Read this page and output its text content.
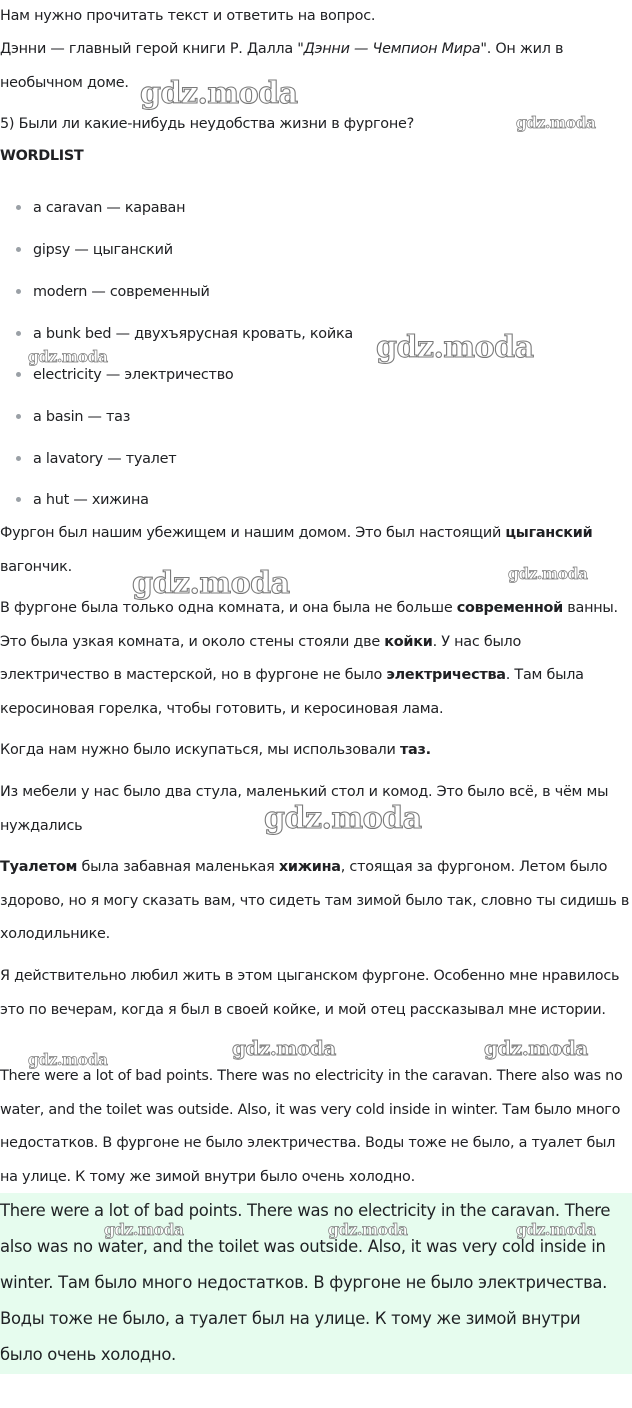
Нам нужно прочитать текст и ответить на вопрос.

Дэнни — главный герой книги Р. Далла "Дэнни — Чемпион Мира". Он жил в необычном доме.

5) Были ли какие-нибудь неудобства жизни в фургоне?

WORDLIST
a caravan — караван
gipsy — цыганский
modern — современный
a bunk bed — двухъярусная кровать, койка
electricity — электричество
a basin — таз
a lavatory — туалет
a hut — хижина

Фургон был нашим убежищем и нашим домом. Это был настоящий цыганский вагончик.

В фургоне была только одна комната, и она была не больше современной ванны. Это была узкая комната, и около стены стояли две койки. У нас было электричество в мастерской, но в фургоне не было электричества. Там была керосиновая горелка, чтобы готовить, и керосиновая лама.

Когда нам нужно было искупаться, мы использовали таз.

Из мебели у нас было два стула, маленький стол и комод. Это было всё, в чём мы нуждались

Туалетом была забавная маленькая хижина, стоящая за фургоном. Летом было здорово, но я могу сказать вам, что сидеть там зимой было так, словно ты сидишь в холодильнике.

Я действительно любил жить в этом цыганском фургоне. Особенно мне нравилось это по вечерам, когда я был в своей койке, и мой отец рассказывал мне истории.

There were a lot of bad points. There was no electricity in the caravan. There also was no water, and the toilet was outside. Also, it was very cold inside in winter. Там было много недостатков. В фургоне не было электричества. Воды тоже не было, а туалет был на улице. К тому же зимой внутри было очень холодно.

There were a lot of bad points. There was no electricity in the caravan. There also was no water, and the toilet was outside. Also, it was very cold inside in winter. Там было много недостатков. В фургоне не было электричества. Воды тоже не было, а туалет был на улице. К тому же зимой внутри было очень холодно.

gdz.moda
gdz.moda
gdz.moda
gdz.moda
gdz.moda	gdz.moda
gdz.moda
gdz.moda	gdz.moda
gdz.moda
gdz.moda	gdz.moda	gdz.moda
